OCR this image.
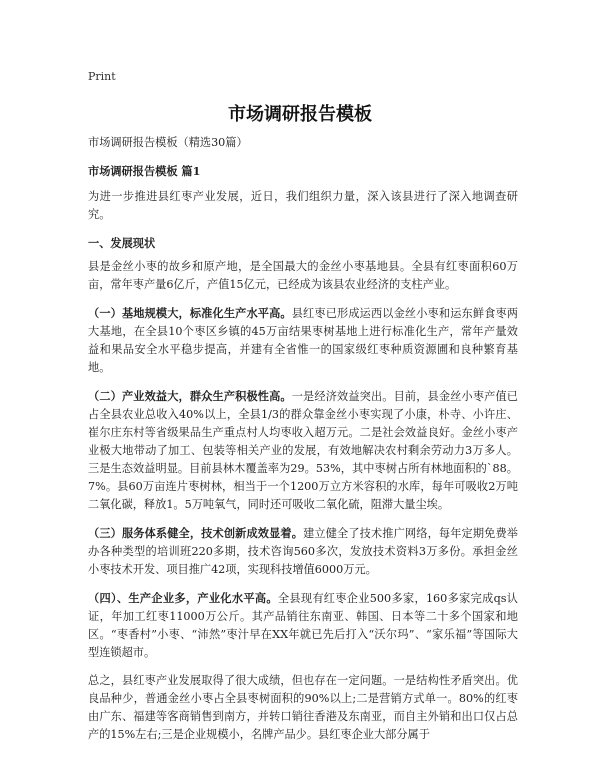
Print
市场调研报告模板

市场调研报告模板（精选30篇）

市场调研报告模板 篇1

为进一步推进县红枣产业发展，近日，我们组织力量，深入该县进行了深入地调查研究。

一、发展现状

县是金丝小枣的故乡和原产地，是全国最大的金丝小枣基地县。全县有红枣面积60万亩，常年枣产量6亿斤，产值15亿元，已经成为该县农业经济的支柱产业。

（一）基地规模大，标准化生产水平高。县红枣已形成运西以金丝小枣和运东鲜食枣两大基地，在全县10个枣区乡镇的45万亩结果枣树基地上进行标准化生产，常年产量效益和果品安全水平稳步提高，并建有全省惟一的国家级红枣种质资源圃和良种繁育基地。

（二）产业效益大，群众生产积极性高。一是经济效益突出。目前，县金丝小枣产值已占全县农业总收入40%以上，全县1/3的群众靠金丝小枣实现了小康，朴寺、小许庄、崔尔庄东村等省级果品生产重点村人均枣收入超万元。二是社会效益良好。金丝小枣产业极大地带动了加工、包装等相关产业的发展，有效地解决农村剩余劳动力3万多人。三是生态效益明显。目前县林木覆盖率为29。53%，其中枣树占所有林地面积的`88。7%。县60万亩连片枣树林，相当于一个1200万立方米容积的水库，每年可吸收2万吨二氧化碳，释放1。5万吨氧气，同时还可吸收二氧化硫，阻滞大量尘埃。

（三）服务体系健全，技术创新成效显着。建立健全了技术推广网络，每年定期免费举办各种类型的培训班220多期，技术咨询560多次，发放技术资料3万多份。承担金丝小枣技术开发、项目推广42项，实现科技增值6000万元。

（四）、生产企业多，产业化水平高。全县现有红枣企业500多家，160多家完成qs认证，年加工红枣11000万公斤。其产品销往东南亚、韩国、日本等二十多个国家和地区。“枣香村”小枣、“沛然”枣汁早在XX年就已先后打入“沃尔玛”、“家乐福”等国际大型连锁超市。

总之，县红枣产业发展取得了很大成绩，但也存在一定问题。一是结构性矛盾突出。优良品种少，普通金丝小枣占全县枣树面积的90%以上;二是营销方式单一。80%的红枣由广东、福建等客商销售到南方，并转口销往香港及东南亚，而自主外销和出口仅占总产的15%左右;三是企业规模小，名牌产品少。县红枣企业大部分属于
